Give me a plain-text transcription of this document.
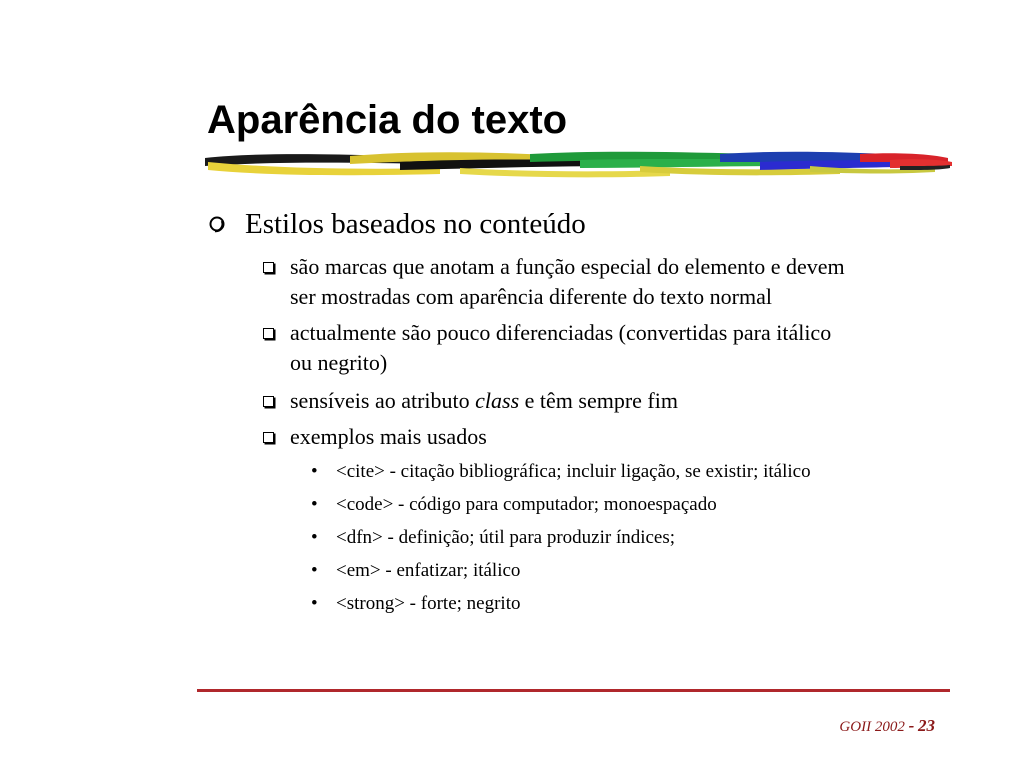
Aparência do texto
Estilos baseados no conteúdo
são marcas que anotam a função especial do elemento e devem
ser mostradas com aparência diferente do texto normal
actualmente são pouco diferenciadas (convertidas para itálico
ou negrito)
sensíveis ao atributo class e têm sempre fim
exemplos mais usados
• <cite> - citação bibliográfica; incluir ligação, se existir; itálico
• <code> - código para computador; monoespaçado
• <dfn> - definição; útil para produzir índices;
• <em> - enfatizar; itálico
• <strong> - forte; negrito
GOII 2002 - 23
